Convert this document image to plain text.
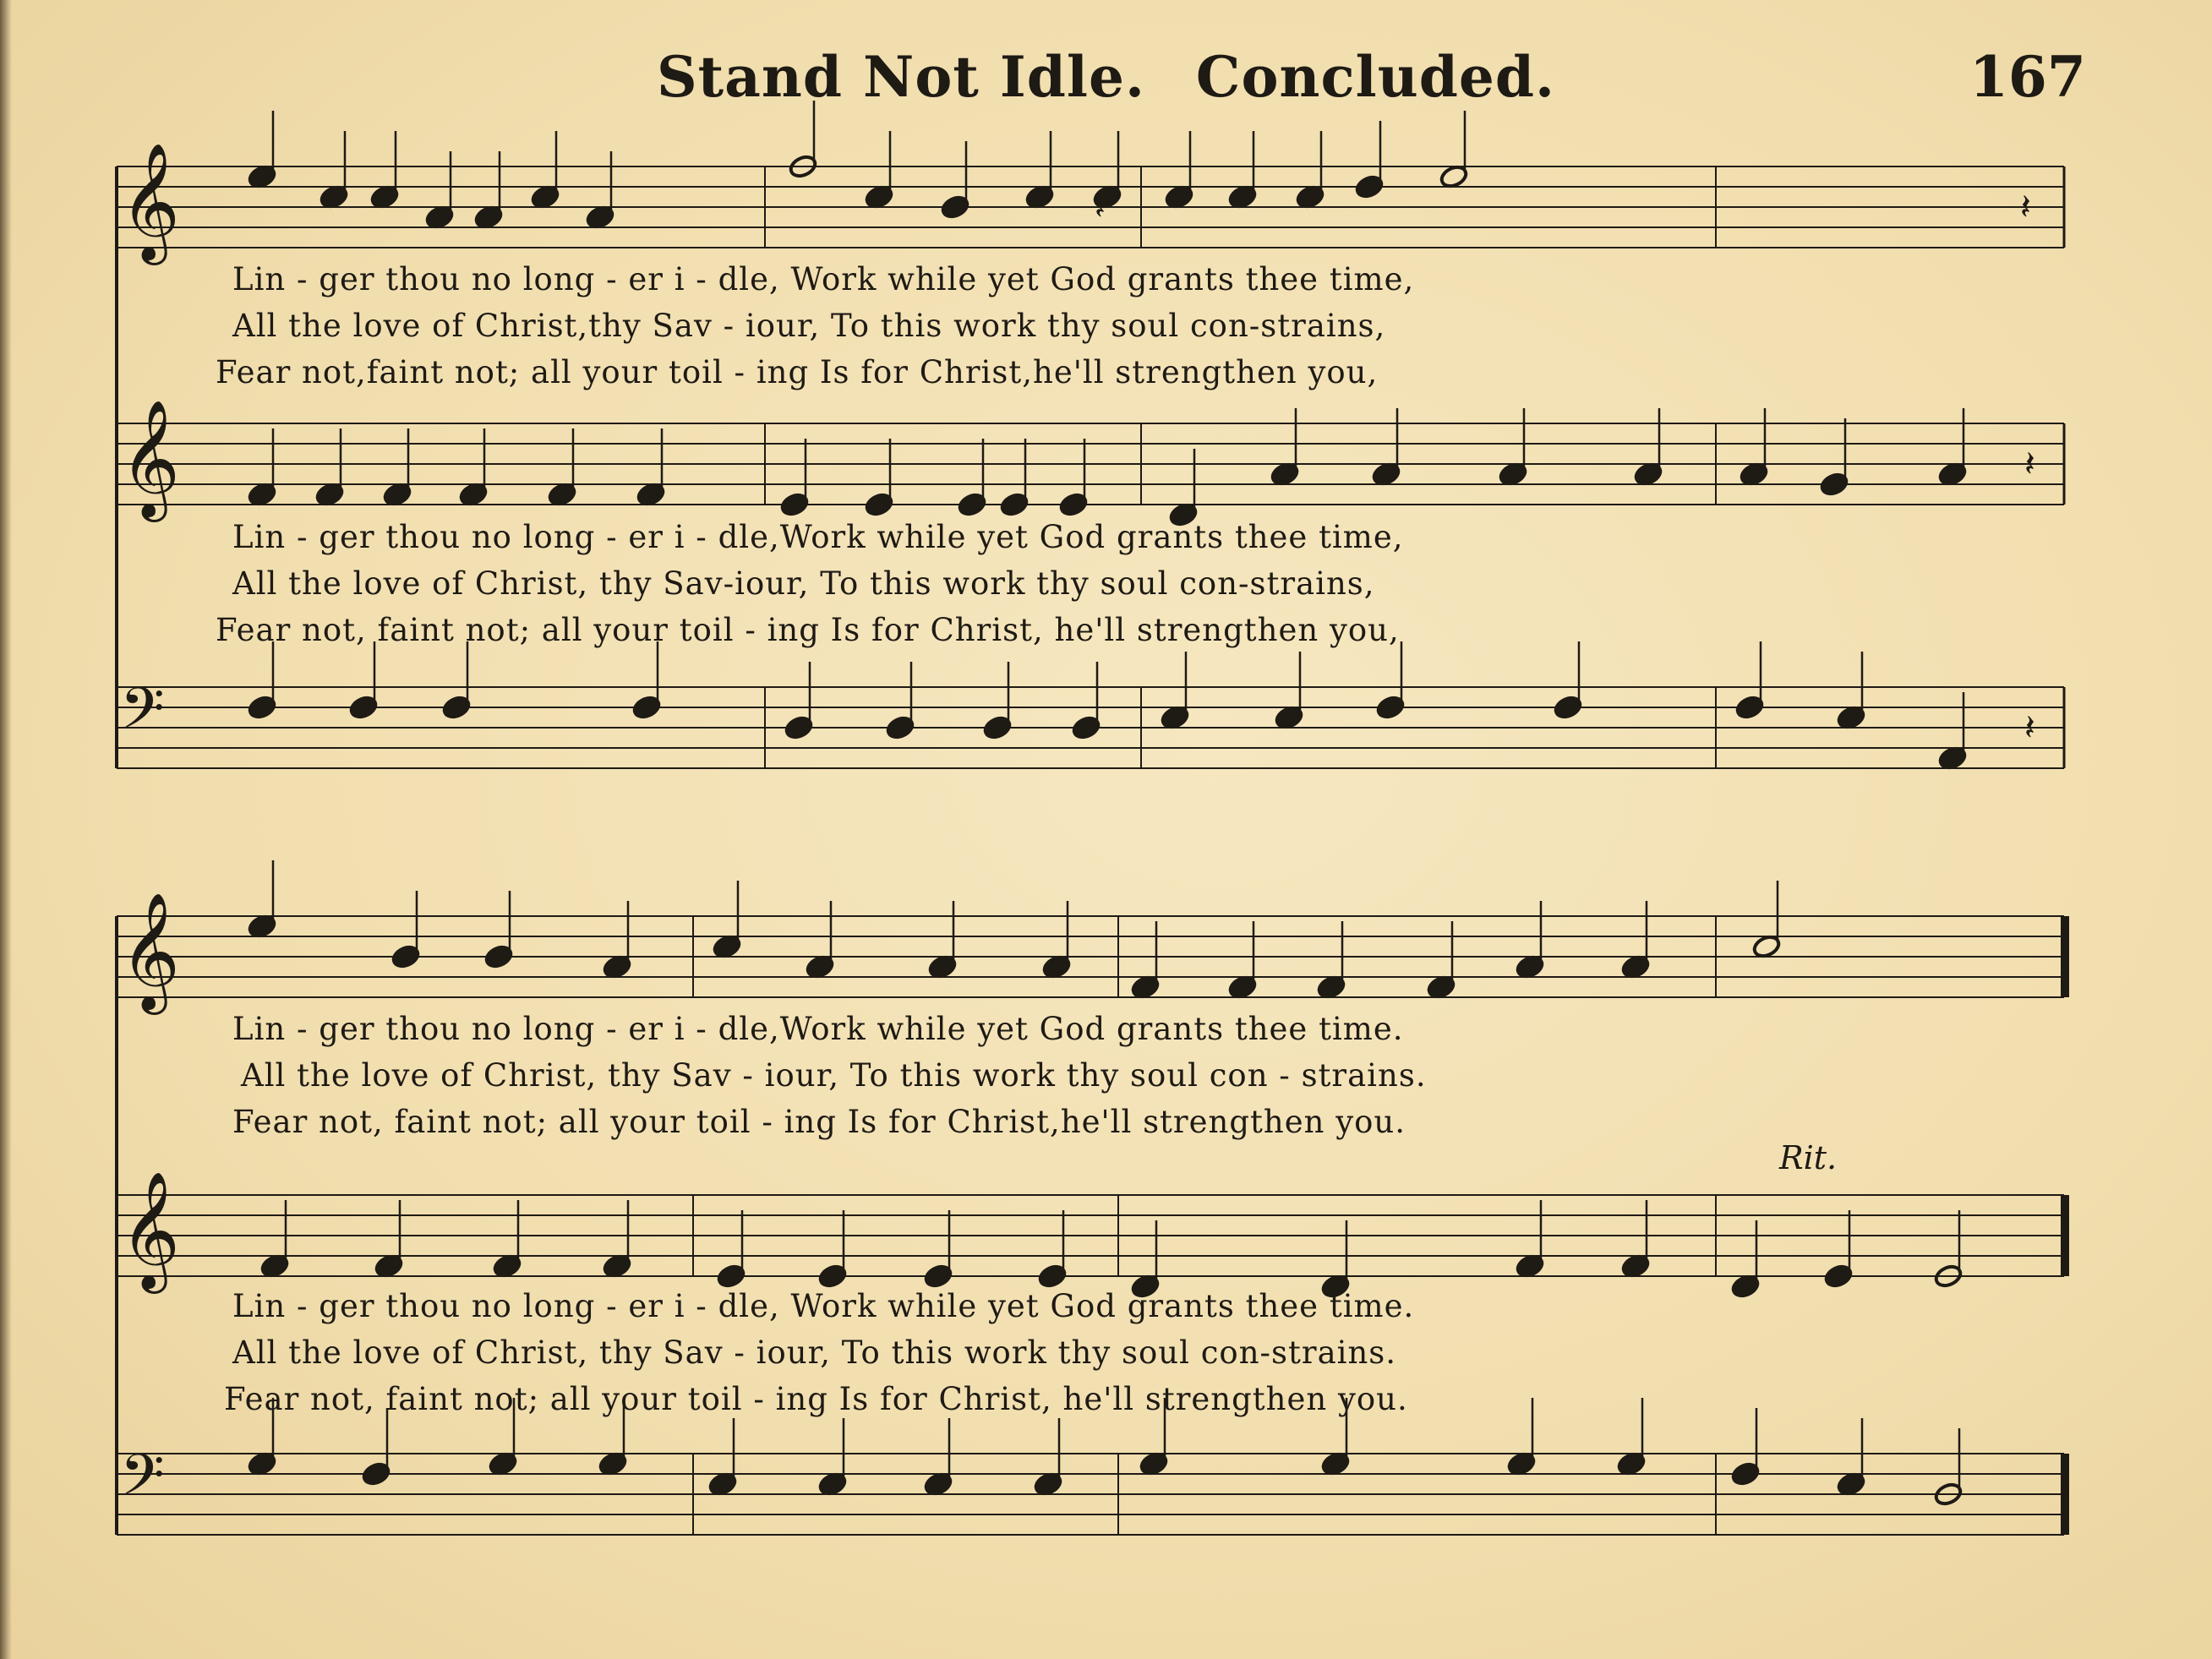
Stand Not Idle. Concluded.	167
𝄞
𝄞
𝄢
𝄞
𝄞
𝄢
𝄽
𝄽
𝄽
𝄽
Lin - ger thou no long - er i - dle, Work while yet God grants thee time,
All the love of Christ,thy Sav - iour, To this work thy soul con-strains,
Fear not,faint not; all your toil - ing Is for Christ,he'll strengthen you,
Lin - ger thou no long - er i - dle,Work while yet God grants thee time,
All the love of Christ, thy Sav-iour, To this work thy soul con-strains,
Fear not, faint not; all your toil - ing Is for Christ, he'll strengthen you,
Lin - ger thou no long - er i - dle,Work while yet God grants thee time.
All the love of Christ, thy Sav - iour, To this work thy soul con - strains.
Fear not, faint not; all your toil - ing Is for Christ,he'll strengthen you.
Rit.
Lin - ger thou no long - er i - dle, Work while yet God grants thee time.
All the love of Christ, thy Sav - iour, To this work thy soul con-strains.
Fear not, faint not; all your toil - ing Is for Christ, he'll strengthen you.
